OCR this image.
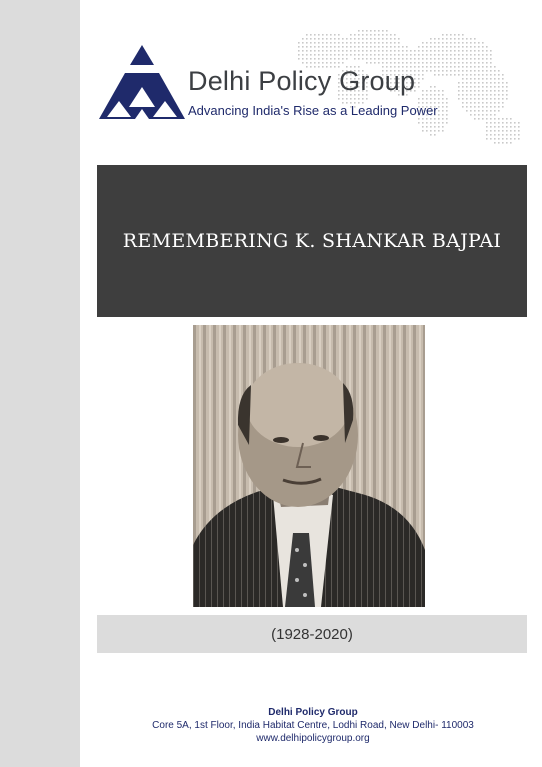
Delhi Policy Group
Advancing India's Rise as a Leading Power
REMEMBERING K. SHANKAR BAJPAI
(1928-2020)
Delhi Policy Group
Core 5A, 1st Floor, India Habitat Centre, Lodhi Road, New Delhi- 110003
www.delhipolicygroup.org
